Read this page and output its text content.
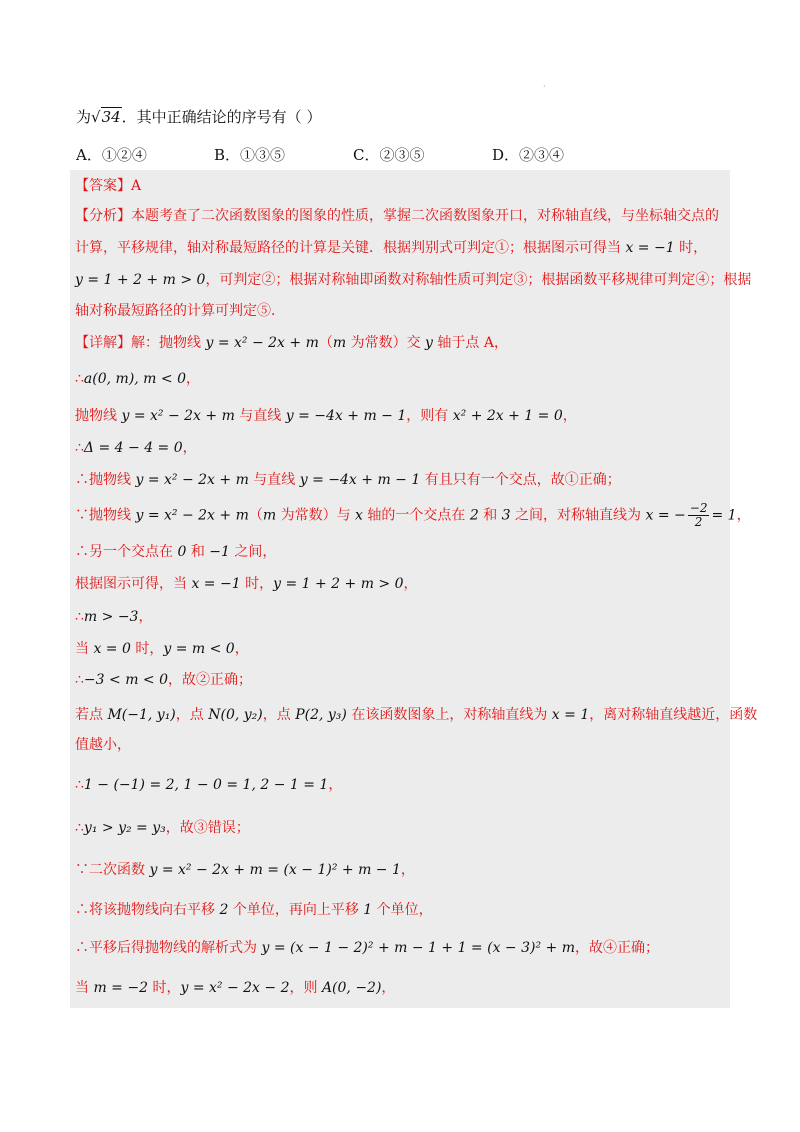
·
为√34．其中正确结论的序号有（ ）
A．①②④	B．①③⑤	C．②③⑤	D．②③④
【答案】A
【分析】本题考查了二次函数图象的图象的性质，掌握二次函数图象开口，对称轴直线，与坐标轴交点的
计算，平移规律，轴对称最短路径的计算是关键．根据判别式可判定①；根据图示可得当 x = −1 时，
y = 1 + 2 + m > 0，可判定②；根据对称轴即函数对称轴性质可判定③；根据函数平移规律可判定④；根据
轴对称最短路径的计算可判定⑤．
【详解】解：抛物线 y = x² − 2x + m（m 为常数）交 y 轴于点 A，
∴a(0, m), m < 0，
抛物线 y = x² − 2x + m 与直线 y = −4x + m − 1，则有 x² + 2x + 1 = 0，
∴Δ = 4 − 4 = 0，
∴抛物线 y = x² − 2x + m 与直线 y = −4x + m − 1 有且只有一个交点，故①正确；
∵抛物线 y = x² − 2x + m（m 为常数）与 x 轴的一个交点在 2 和 3 之间，对称轴直线为 x = − $\frac{-2}{2} = 1$，
∴另一个交点在 0 和 −1 之间，
根据图示可得，当 x = −1 时，y = 1 + 2 + m > 0，
∴m > −3，
当 x = 0 时，y = m < 0，
∴−3 < m < 0，故②正确；
若点 M(−1, y₁)，点 N(0, y₂)，点 P(2, y₃) 在该函数图象上，对称轴直线为 x = 1，离对称轴直线越近，函数
值越小，
∴1 − (−1) = 2, 1 − 0 = 1, 2 − 1 = 1，
∴y₁ > y₂ = y₃，故③错误；
∵二次函数 y = x² − 2x + m = (x − 1)² + m − 1，
∴将该抛物线向右平移 2 个单位，再向上平移 1 个单位，
∴平移后得抛物线的解析式为 y = (x − 1 − 2)² + m − 1 + 1 = (x − 3)² + m，故④正确；
当 m = −2 时，y = x² − 2x − 2，则 A(0, −2)，
